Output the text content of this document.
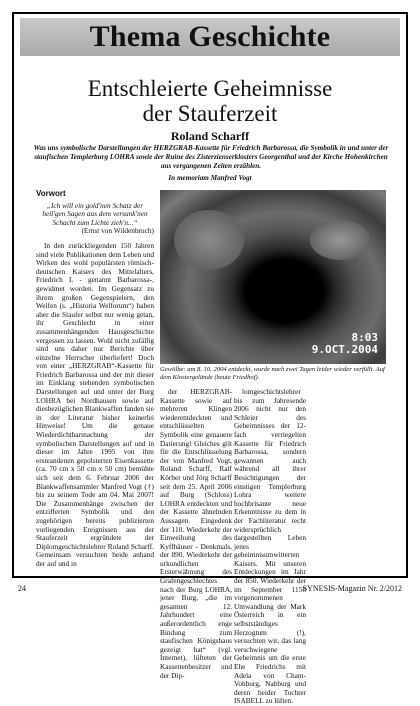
Thema Geschichte
Entschleierte Geheimnisse
der Stauferzeit
Roland Scharff
Was uns symbolische Darstellungen der HERZGRAB-Kassette für Friedrich Barbarossa, die Symbolik in und unter der staufischen Templerburg LOHRA sowie der Ruine des Zisterzienserklosters Georgenthal und der Kirche Hohenkirchen aus vergangenen Zeiten erzählen.
In memoriam Manfred Vogt
Vorwort
„Ich will ein gold'nen Schatz der heil'gen Sagen aus dem versunk'nen Schacht zum Lichte zieh'n...“
(Ernst von Wildenbruch)

In den zurückliegenden 150 Jahren sind viele Publikationen dem Leben und Wirken des wohl populärsten römisch-deutschen Kaisers des Mittelalters, Friedrich I. - genannt Barbarossa-, gewidmet worden. Im Gegensatz zu ihrem großen Gegenspielern, den Welfen (s. „Historia Welforum“) haben aber die Staufer selbst nur wenig getan, ihr Geschlecht in einer zusammenhängenden Hausgeschichte vergessen zu lassen. Wohl nicht zufällig sind uns daher nur Berichte über einzelne Herrscher überliefert! Doch von einer „HERZGRAB“-Kassette für Friedrich Barbarossa und der mit dieser im Einklang stehenden symbolischen Darstellungen auf und unter der Burg LOHRA bei Nordhausen sowie auf diesbezüglichen Blankwaffen fanden sie in der Literatur bisher keinerlei Hinweise! Um die genaue Wiederdichtbarmachung der symbolischen Darstellungen auf und in dieser im Jahre 1995 von ihm ersteandenen gepolsterten Eisenkassette (ca. 70 cm x 50 cm x 50 cm) bemühte sich seit dem 6. Februar 2006 der Blankwaffensammler Manfred Vogt (†) bis zu seinem Tode am 04. Mai 2007! Die Zusammenhänge zwischen der entzifferten Symbolik und den zugehörigen bereits publizierten vorliegenden Ereignissen aus der Stauferzeit ergründete der Diplomgeschichtslehrer Roland Scharff. Gemeinsam versuchten beide anhand der auf und in

8:03
9.OCT.2004
Gewölbe: am 8. 10. 2004 entdeckt, wurde nach zwei Tagen leider wieder verfüllt. Auf dem Klostergelände (heute Friedhof).

der HERZGRAB-Kassette sowie auf mehreren Klingen wiederentdeckten und entschlüsselten Symbolik eine genauere Datierung! Gleiches gilt für die Entschlüsselung der von Manfred Vogt, Roland Scharff, Ralf Körber und Jörg Scharff seit dem 25. April 2006 auf Burg (Schloss) LOHRA entdeckten und der Kassette ähnelnden Aussagen. Eingedenk der 110. Wiederkehr der Einweihung des Kyffhäuser - Denkmals, der 890. Wiederkehr der urkundlichen Ersterwähnung des Grafengeschlechtes nach der Burg LOHRA, jener Burg, „die im gesamten 12. Jahrhundert eine außerordentlich enge Bindung zum staufischen Königshaus gezeigt hat“ (vgl. Internet), lüfteten der Kassettenbesitzer und der Dip-

lomgeschichtslehrer bis zum Jahresende 2006 nicht nur den Schleier des Geheimnisses der 12-fach verriegelten Kassette für Friedrich Barbarossa, sondern gewannen auch während all ihrer Besichtigungen der einstigen Templerburg Lohra weitere hochbrisante neue Erkenntnisse zu dem in der Fachliteratur recht widersprüchlich dargestellten Leben jenes geheimnisumwitterten Kaisers. Mit unseren Entdeckungen im Jahr der 850. Wiederkehr der im September 1156 vorgenommenen Umwandlung der Mark Österreich in ein selbstständiges Herzogtum (!), versuchten wir, das lang verschwiegene Geheimnis um die erste Ehe Friedrichs mit Adela von Cham-Vohburg, Nabburg und deren beider Tochter ISABELL zu lüften.

24	SYNESIS-Magazin Nr. 2/2012
